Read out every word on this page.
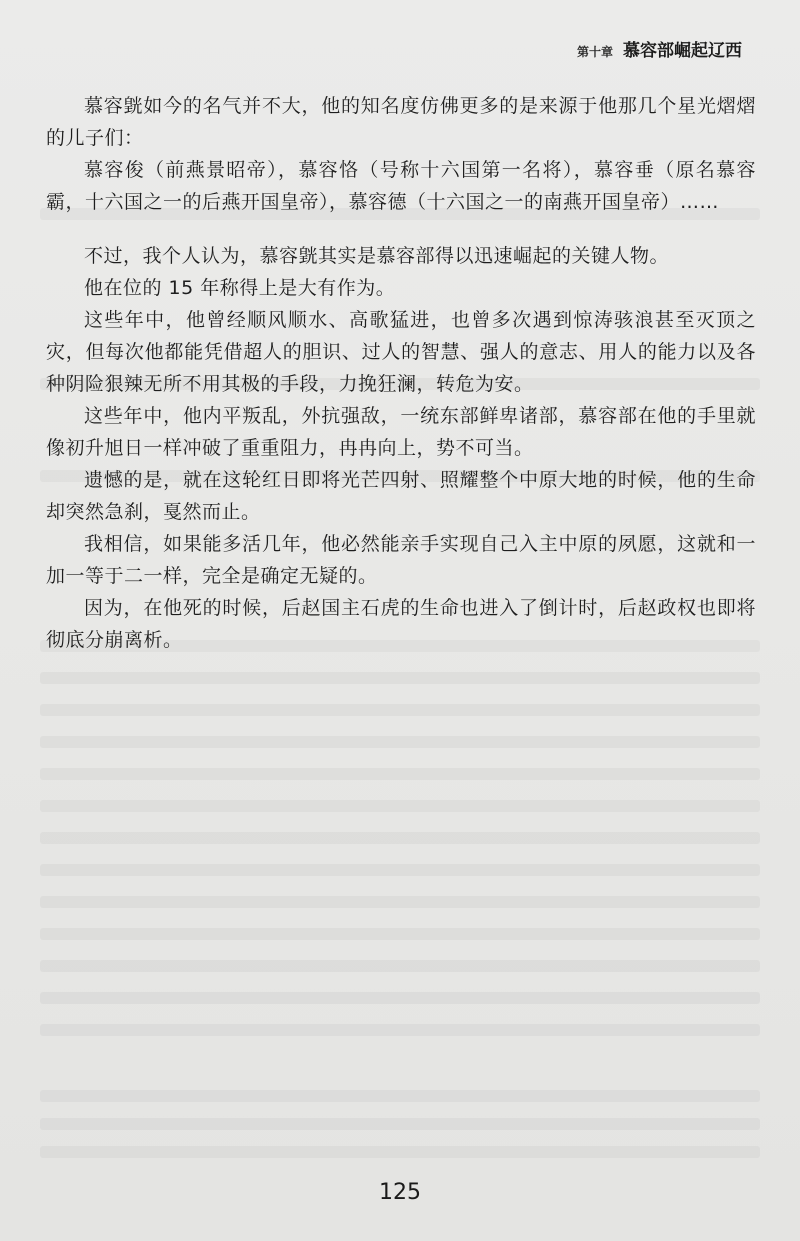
第十章 慕容部崛起辽西

慕容皝如今的名气并不大，他的知名度仿佛更多的是来源于他那几个星光熠熠的儿子们：

慕容俊（前燕景昭帝），慕容恪（号称十六国第一名将），慕容垂（原名慕容霸，十六国之一的后燕开国皇帝），慕容德（十六国之一的南燕开国皇帝）……

不过，我个人认为，慕容皝其实是慕容部得以迅速崛起的关键人物。

他在位的 15 年称得上是大有作为。

这些年中，他曾经顺风顺水、高歌猛进，也曾多次遇到惊涛骇浪甚至灭顶之灾，但每次他都能凭借超人的胆识、过人的智慧、强人的意志、用人的能力以及各种阴险狠辣无所不用其极的手段，力挽狂澜，转危为安。

这些年中，他内平叛乱，外抗强敌，一统东部鲜卑诸部，慕容部在他的手里就像初升旭日一样冲破了重重阻力，冉冉向上，势不可当。

遗憾的是，就在这轮红日即将光芒四射、照耀整个中原大地的时候，他的生命却突然急刹，戛然而止。

我相信，如果能多活几年，他必然能亲手实现自己入主中原的夙愿，这就和一加一等于二一样，完全是确定无疑的。

因为，在他死的时候，后赵国主石虎的生命也进入了倒计时，后赵政权也即将彻底分崩离析。

125
